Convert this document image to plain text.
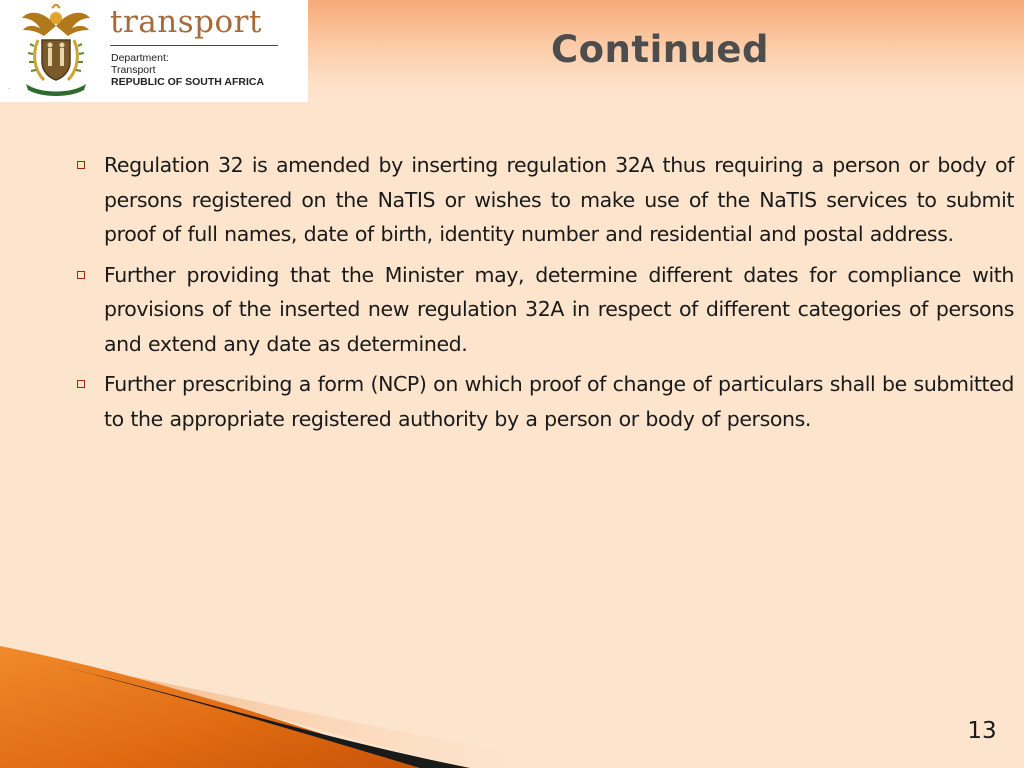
.
transport
Department:
Transport
REPUBLIC OF SOUTH AFRICA
Continued
Regulation 32 is amended by inserting regulation 32A thus requiring a person or body of persons registered on the NaTIS or wishes to make use of the NaTIS services to submit proof of full names, date of birth, identity number and residential and postal address.
Further providing that the Minister may, determine different dates for compliance with provisions of the inserted new regulation 32A in respect of different categories of persons and extend any date as determined.
Further prescribing a form (NCP) on which proof of change of particulars shall be submitted to the appropriate registered authority by a person or body of persons.
13
